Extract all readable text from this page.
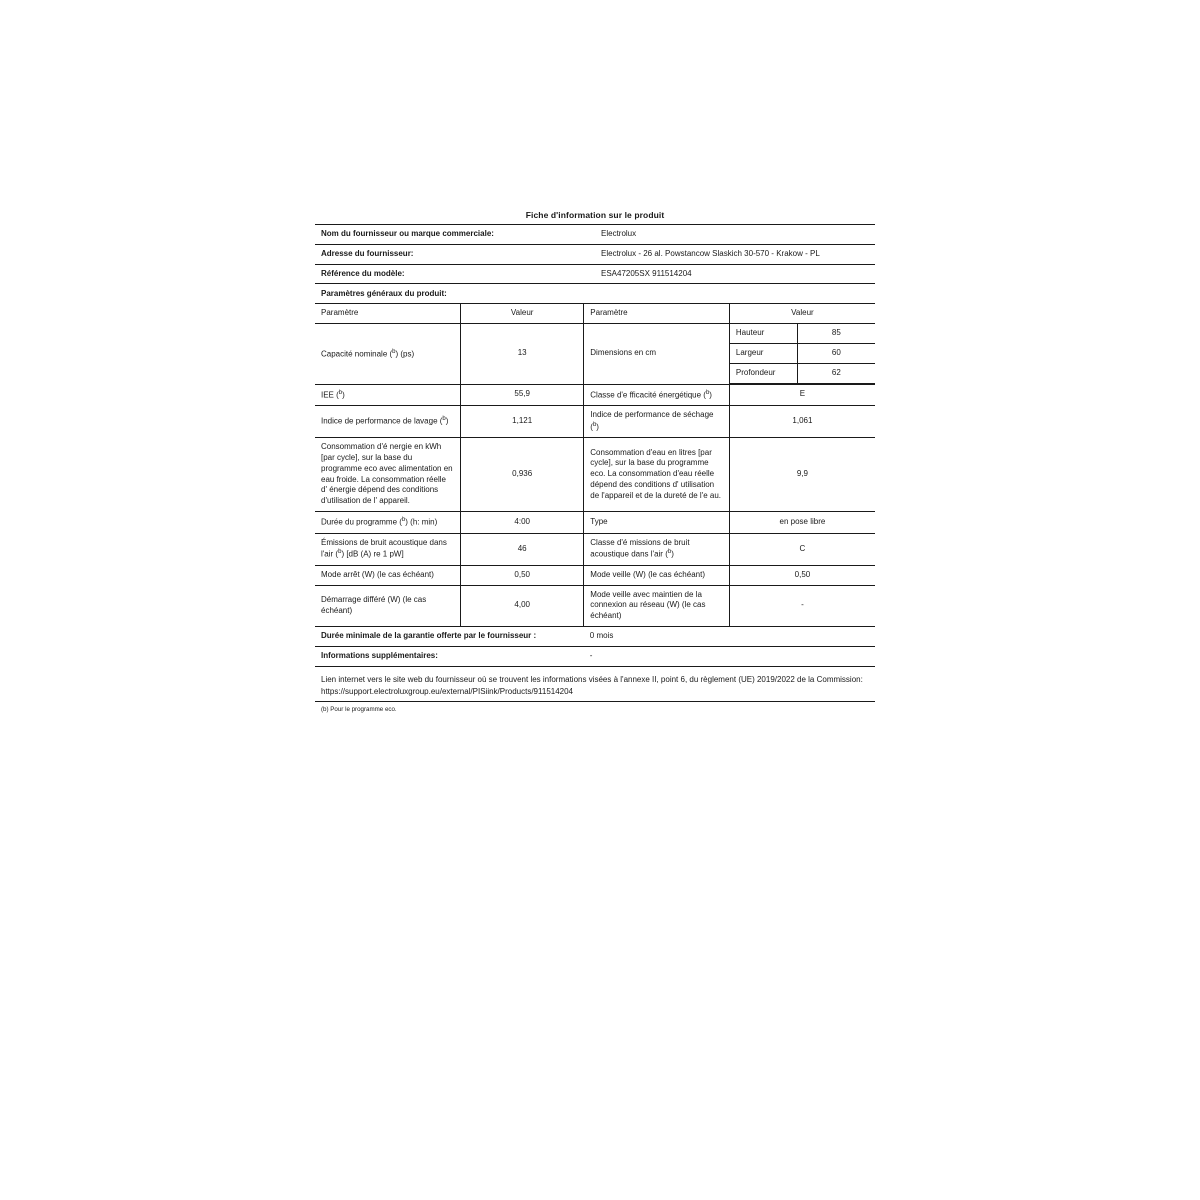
Fiche d'information sur le produit
Nom du fournisseur ou marque commerciale:	Electrolux
Adresse du fournisseur:	Electrolux - 26 al. Powstancow Slaskich 30-570 - Krakow - PL
Référence du modèle:	ESA47205SX 911514204
Paramètres généraux du produit:
Paramètre	Valeur	Paramètre	Valeur
Capacité nominale ($^b$) (ps)	13	Dimensions en cm	
Hauteur	85
Largeur	60
Profondeur	62

IEE ($^b$)	55,9	Classe d'e fficacité énergétique ($^b$)	E
Indice de performance de lavage ($^b$)	1,121	Indice de performance de séchage ($^b$)	1,061
Consommation d'é nergie en kWh [par cycle], sur la base du programme eco avec alimentation en eau froide. La consommation réelle d' énergie dépend des conditions d'utilisation de l' appareil.	0,936	Consommation d'eau en litres [par cycle], sur la base du programme eco. La consommation d'eau réelle dépend des conditions d' utilisation de l'appareil et de la dureté de l'e au.	9,9
Durée du programme ($^b$) (h: min)	4:00	Type	en pose libre
Émissions de bruit acoustique dans l'air ($^b$) [dB (A) re 1 pW]	46	Classe d'é missions de bruit acoustique dans l'air ($^b$)	C
Mode arrêt (W) (le cas échéant)	0,50	Mode veille (W) (le cas échéant)	0,50
Démarrage différé (W) (le cas échéant)	4,00	Mode veille avec maintien de la connexion au réseau (W) (le cas échéant)	-
Durée minimale de la garantie offerte par le fournisseur :	0 mois
Informations supplémentaires:	-
Lien internet vers le site web du fournisseur où se trouvent les informations visées à l'annexe II, point 6, du règlement (UE) 2019/2022 de la Commission: https://support.electroluxgroup.eu/external/PISiink/Products/911514204
(b) Pour le programme eco.
